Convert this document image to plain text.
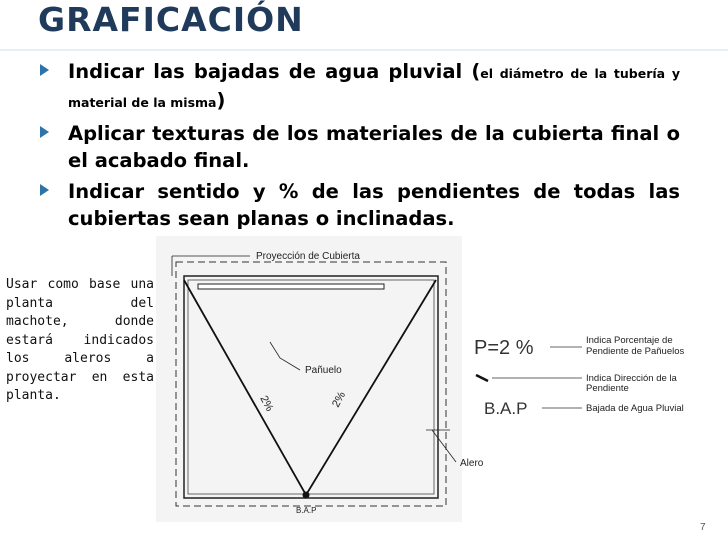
GRAFICACIÓN
Indicar las bajadas de agua pluvial (el diámetro de la tubería y material de la misma)
Aplicar texturas de los materiales de la cubierta final o el acabado final.
Indicar sentido y % de las pendientes de todas las cubiertas sean planas o inclinadas.
Usar como base una planta del machote, donde estará indicados los aleros a proyectar en esta planta.
Proyección de Cubierta
Pañuelo
2%	2%
Alero
B.A.P
P=2 %	Indica Porcentaje de
Pendiente de Pañuelos
Indica Dirección de la
Pendiente
B.A.P	Bajada de Agua Pluvial
7
